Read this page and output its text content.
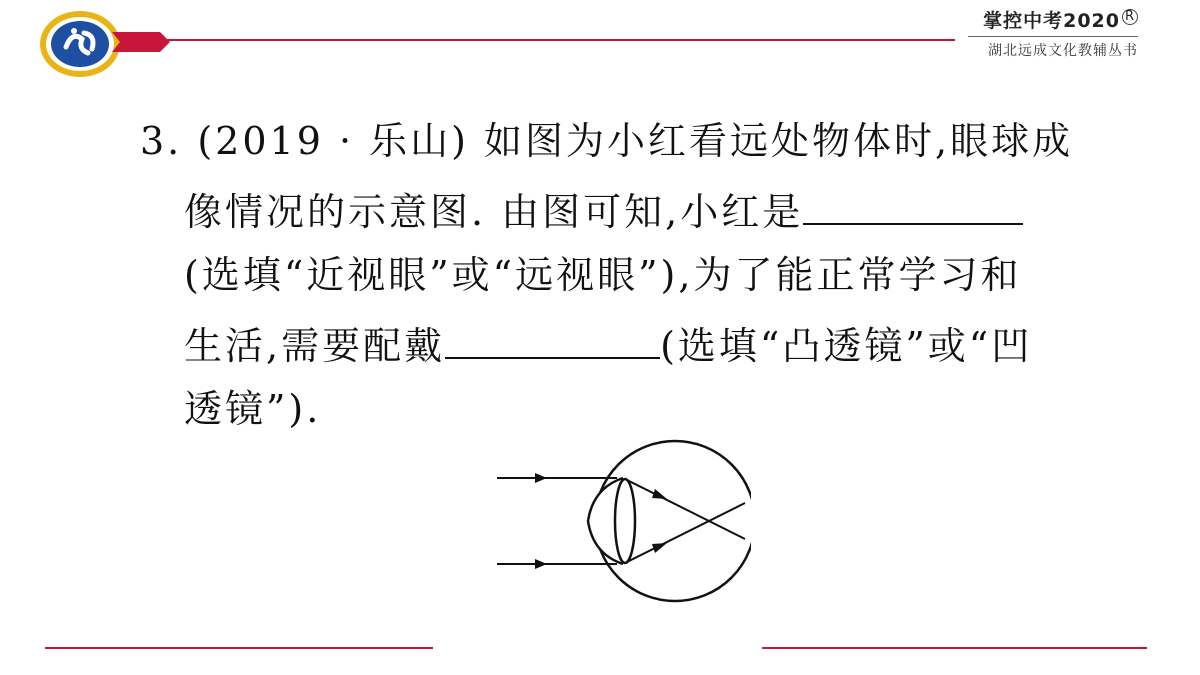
掌控中考2020 R
湖北远成文化教辅丛书
3. (2019 · 乐山) 如图为小红看远处物体时,眼球成
像情况的示意图. 由图可知,小红是
(选填“近视眼”或“远视眼”),为了能正常学习和
生活,需要配戴	(选填“凸透镜”或“凹
透镜”).
